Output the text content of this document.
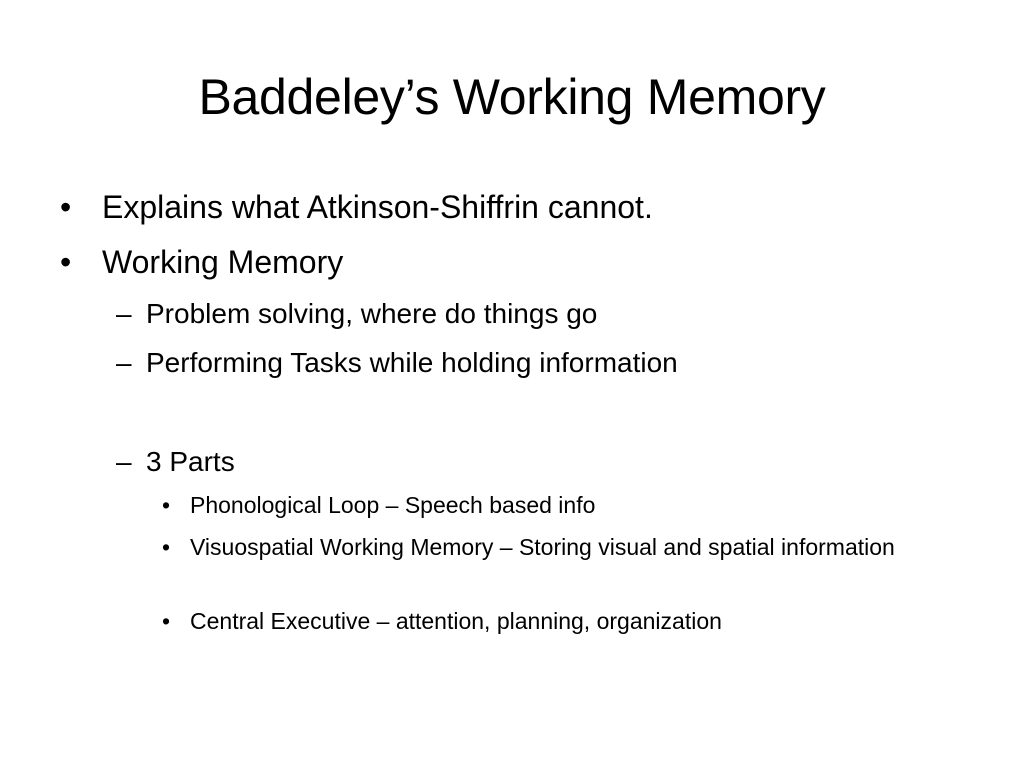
Baddeley’s Working Memory
• Explains what Atkinson-Shiffrin cannot.
• Working Memory
– Problem solving, where do things go
– Performing Tasks while holding information
– 3 Parts
• Phonological Loop – Speech based info
• Visuospatial Working Memory – Storing visual and spatial information
• Central Executive – attention, planning, organization
